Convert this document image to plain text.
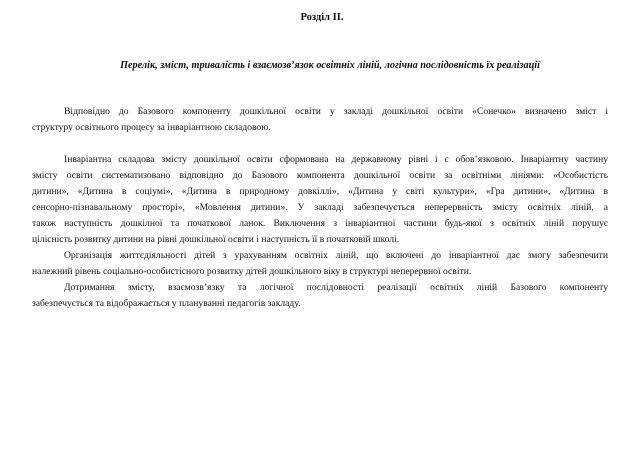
Розділ II.
Перелік, зміст, тривалість і взаємозв’язок освітніх ліній, логічна послідовність їх реалізації
Відповідно до Базового компоненту дошкільної освіти у закладі дошкільної освіти «Сонечко» визначено зміст і
структуру освітнього процесу за інваріантною складовою.
Інваріантна складова змісту дошкільної освіти сформована на державному рівні і є обов’язковою. Інваріантну частину
змісту освіти систематизовано відповідно до Базового компонента дошкільної освіти за освітніми лініями: «Особистість
дитини», «Дитина в соціумі», «Дитина в природному довкіллі», «Дитина у світі культури», «Гра дитини», «Дитина в
сенсорно-пізнавальному просторі», «Мовлення дитини». У закладі забезпечується неперервність змісту освітніх ліній, а
також наступність дошкілної та початкової ланок. Виключення з інваріантної частини будь-якої з освітніх ліній порушує
цілісність розвитку дитини на рівні дошкільної освіти і наступність її в початковій школі.
Організація життєдіяльності дітей з урахуванням освітніх ліній, що включені до інваріантної дає змогу забезпечити
належний рівень соціально-особистісного розвитку дітей дошкільного віку в структурі неперервної освіти.
Дотримання змісту, взаємозв’язку та логічної послідовності реалізації освітніх ліній Базового компоненту
забезпечується та відображається у плануванні педагогів закладу.
